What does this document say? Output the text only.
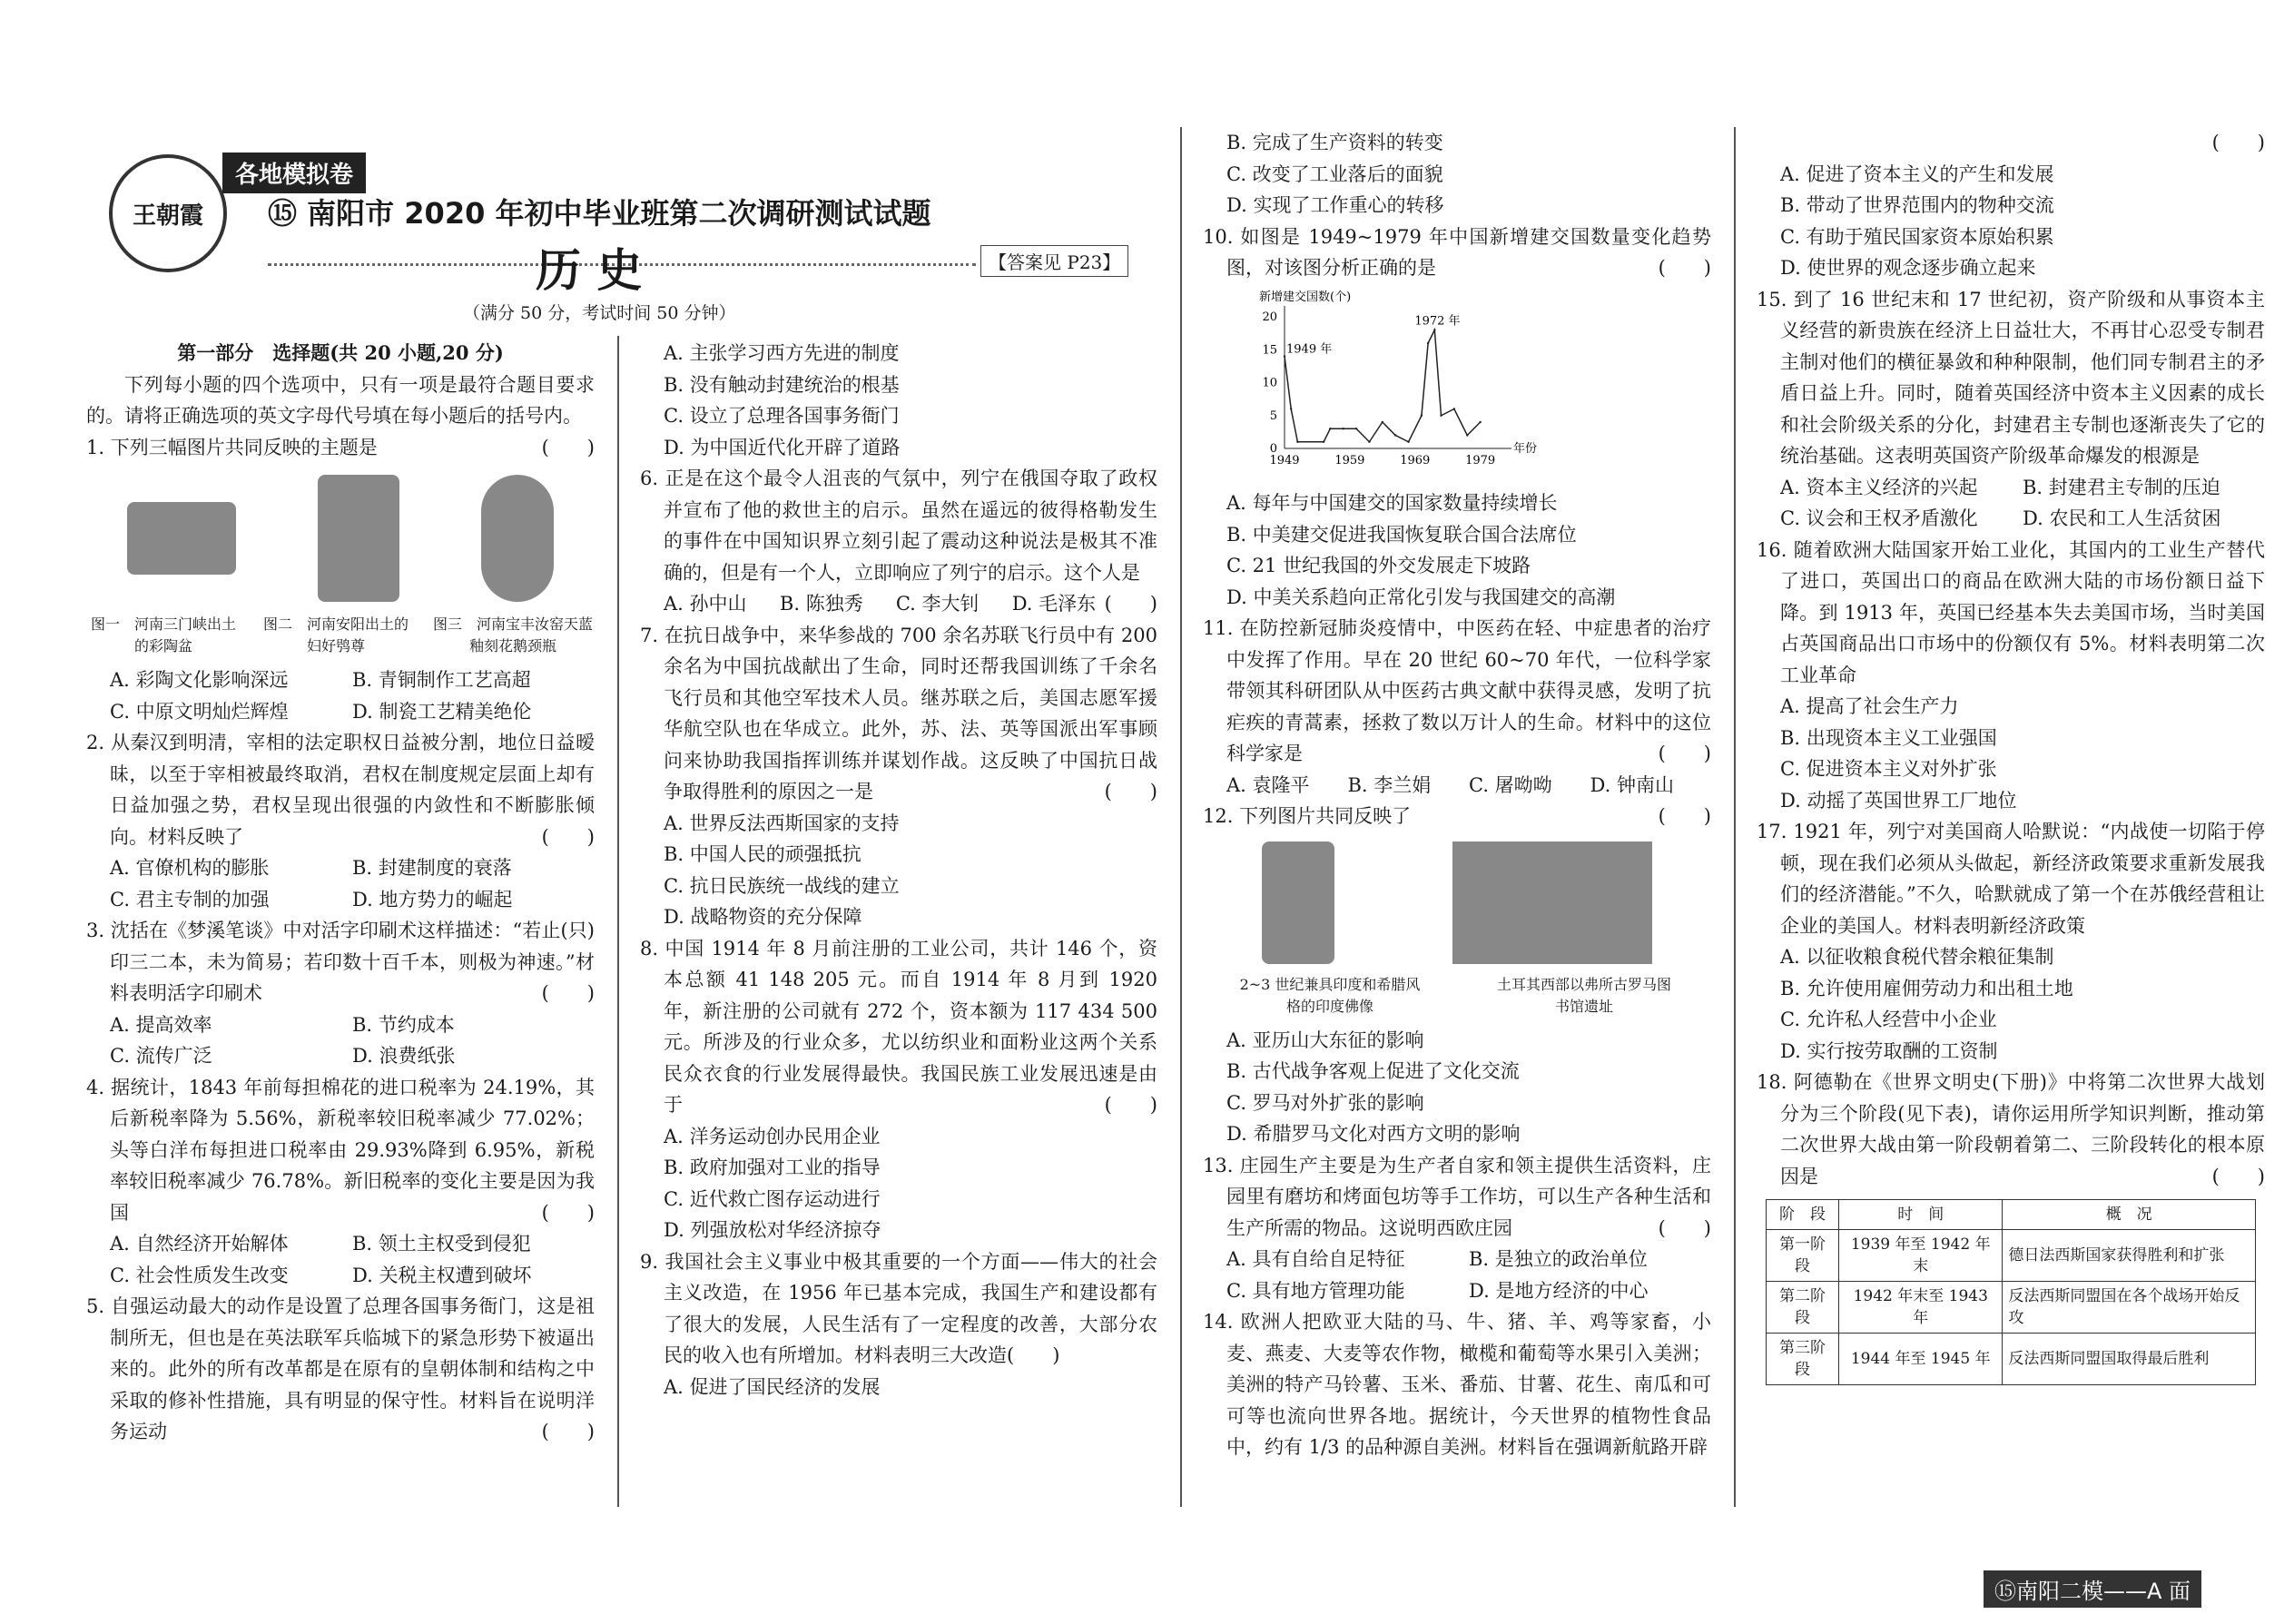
王朝霞
各地模拟卷
⑮ 南阳市 2020 年初中毕业班第二次调研测试试题
历 史	【答案见 P23】
（满分 50 分，考试时间 50 分钟）
第一部分　选择题(共 20 小题,20 分)
下列每小题的四个选项中，只有一项是最符合题目要求的。请将正确选项的英文字母代号填在每小题后的括号内。
1. 下列三幅图片共同反映的主题是	(　　)
图一　河南三门峡出土的彩陶盆
图二　河南安阳出土的妇好鸮尊
图三　河南宝丰汝窑天蓝釉刻花鹅颈瓶
A. 彩陶文化影响深远	B. 青铜制作工艺高超
C. 中原文明灿烂辉煌	D. 制瓷工艺精美绝伦
2. 从秦汉到明清，宰相的法定职权日益被分割，地位日益暧昧，以至于宰相被最终取消，君权在制度规定层面上却有日益加强之势，君权呈现出很强的内敛性和不断膨胀倾向。材料反映了	(　　)
A. 官僚机构的膨胀	B. 封建制度的衰落
C. 君主专制的加强	D. 地方势力的崛起
3. 沈括在《梦溪笔谈》中对活字印刷术这样描述：“若止(只)印三二本，未为简易；若印数十百千本，则极为神速。”材料表明活字印刷术	(　　)
A. 提高效率	B. 节约成本
C. 流传广泛	D. 浪费纸张
4. 据统计，1843 年前每担棉花的进口税率为 24.19%，其后新税率降为 5.56%，新税率较旧税率减少 77.02%；头等白洋布每担进口税率由 29.93%降到 6.95%，新税率较旧税率减少 76.78%。新旧税率的变化主要是因为我国	(　　)
A. 自然经济开始解体	B. 领土主权受到侵犯
C. 社会性质发生改变	D. 关税主权遭到破坏
5. 自强运动最大的动作是设置了总理各国事务衙门，这是祖制所无，但也是在英法联军兵临城下的紧急形势下被逼出来的。此外的所有改革都是在原有的皇朝体制和结构之中采取的修补性措施，具有明显的保守性。材料旨在说明洋务运动	(　　)
A. 主张学习西方先进的制度
B. 没有触动封建统治的根基
C. 设立了总理各国事务衙门
D. 为中国近代化开辟了道路
6. 正是在这个最令人沮丧的气氛中，列宁在俄国夺取了政权并宣布了他的救世主的启示。虽然在遥远的彼得格勒发生的事件在中国知识界立刻引起了震动这种说法是极其不准确的，但是有一个人，立即响应了列宁的启示。这个人是
(　　)
A. 孙中山	B. 陈独秀	C. 李大钊	D. 毛泽东
7. 在抗日战争中，来华参战的 700 余名苏联飞行员中有 200 余名为中国抗战献出了生命，同时还帮我国训练了千余名飞行员和其他空军技术人员。继苏联之后，美国志愿军援华航空队也在华成立。此外，苏、法、英等国派出军事顾问来协助我国指挥训练并谋划作战。这反映了中国抗日战争取得胜利的原因之一是	(　　)
A. 世界反法西斯国家的支持
B. 中国人民的顽强抵抗
C. 抗日民族统一战线的建立
D. 战略物资的充分保障
8. 中国 1914 年 8 月前注册的工业公司，共计 146 个，资本总额 41 148 205 元。而自 1914 年 8 月到 1920 年，新注册的公司就有 272 个，资本额为 117 434 500 元。所涉及的行业众多，尤以纺织业和面粉业这两个关系民众衣食的行业发展得最快。我国民族工业发展迅速是由于	(　　)
A. 洋务运动创办民用企业
B. 政府加强对工业的指导
C. 近代救亡图存运动进行
D. 列强放松对华经济掠夺
9. 我国社会主义事业中极其重要的一个方面——伟大的社会主义改造，在 1956 年已基本完成，我国生产和建设都有了很大的发展，人民生活有了一定程度的改善，大部分农民的收入也有所增加。材料表明三大改造(　　)
A. 促进了国民经济的发展
B. 完成了生产资料的转变
C. 改变了工业落后的面貌
D. 实现了工作重心的转移
10. 如图是 1949~1979 年中国新增建交国数量变化趋势图，对该图分析正确的是	(　　)
新增建交国数(个)
年份
0
5
10
15
20
1949	1959	1969	1979
1949 年
1972 年
A. 每年与中国建交的国家数量持续增长
B. 中美建交促进我国恢复联合国合法席位
C. 21 世纪我国的外交发展走下坡路
D. 中美关系趋向正常化引发与我国建交的高潮
11. 在防控新冠肺炎疫情中，中医药在轻、中症患者的治疗中发挥了作用。早在 20 世纪 60~70 年代，一位科学家带领其科研团队从中医药古典文献中获得灵感，发明了抗疟疾的青蒿素，拯救了数以万计人的生命。材料中的这位科学家是	(　　)
A. 袁隆平	B. 李兰娟	C. 屠呦呦	D. 钟南山
12. 下列图片共同反映了	(　　)
2~3 世纪兼具印度和希腊风格的印度佛像
土耳其西部以弗所古罗马图书馆遗址
A. 亚历山大东征的影响
B. 古代战争客观上促进了文化交流
C. 罗马对外扩张的影响
D. 希腊罗马文化对西方文明的影响
13. 庄园生产主要是为生产者自家和领主提供生活资料，庄园里有磨坊和烤面包坊等手工作坊，可以生产各种生活和生产所需的物品。这说明西欧庄园	(　　)
A. 具有自给自足特征	B. 是独立的政治单位
C. 具有地方管理功能	D. 是地方经济的中心
14. 欧洲人把欧亚大陆的马、牛、猪、羊、鸡等家畜，小麦、燕麦、大麦等农作物，橄榄和葡萄等水果引入美洲；美洲的特产马铃薯、玉米、番茄、甘薯、花生、南瓜和可可等也流向世界各地。据统计，今天世界的植物性食品中，约有 1/3 的品种源自美洲。材料旨在强调新航路开辟
(　　)
A. 促进了资本主义的产生和发展
B. 带动了世界范围内的物种交流
C. 有助于殖民国家资本原始积累
D. 使世界的观念逐步确立起来
15. 到了 16 世纪末和 17 世纪初，资产阶级和从事资本主义经营的新贵族在经济上日益壮大，不再甘心忍受专制君主制对他们的横征暴敛和种种限制，他们同专制君主的矛盾日益上升。同时，随着英国经济中资本主义因素的成长和社会阶级关系的分化，封建君主专制也逐渐丧失了它的统治基础。这表明英国资产阶级革命爆发的根源是
A. 资本主义经济的兴起	B. 封建君主专制的压迫
C. 议会和王权矛盾激化	D. 农民和工人生活贫困
16. 随着欧洲大陆国家开始工业化，其国内的工业生产替代了进口，英国出口的商品在欧洲大陆的市场份额日益下降。到 1913 年，英国已经基本失去美国市场，当时美国占英国商品出口市场中的份额仅有 5%。材料表明第二次工业革命
A. 提高了社会生产力
B. 出现资本主义工业强国
C. 促进资本主义对外扩张
D. 动摇了英国世界工厂地位
17. 1921 年，列宁对美国商人哈默说：“内战使一切陷于停顿，现在我们必须从头做起，新经济政策要求重新发展我们的经济潜能。”不久，哈默就成了第一个在苏俄经营租让企业的美国人。材料表明新经济政策
A. 以征收粮食税代替余粮征集制
B. 允许使用雇佣劳动力和出租土地
C. 允许私人经营中小企业
D. 实行按劳取酬的工资制
18. 阿德勒在《世界文明史(下册)》中将第二次世界大战划分为三个阶段(见下表)，请你运用所学知识判断，推动第二次世界大战由第一阶段朝着第二、三阶段转化的根本原因是	(　　)
阶　段	时　间	概　况
第一阶段	1939 年至 1942 年末	德日法西斯国家获得胜利和扩张
第二阶段	1942 年末至 1943 年	反法西斯同盟国在各个战场开始反攻
第三阶段	1944 年至 1945 年	反法西斯同盟国取得最后胜利
⑮南阳二模——A 面
